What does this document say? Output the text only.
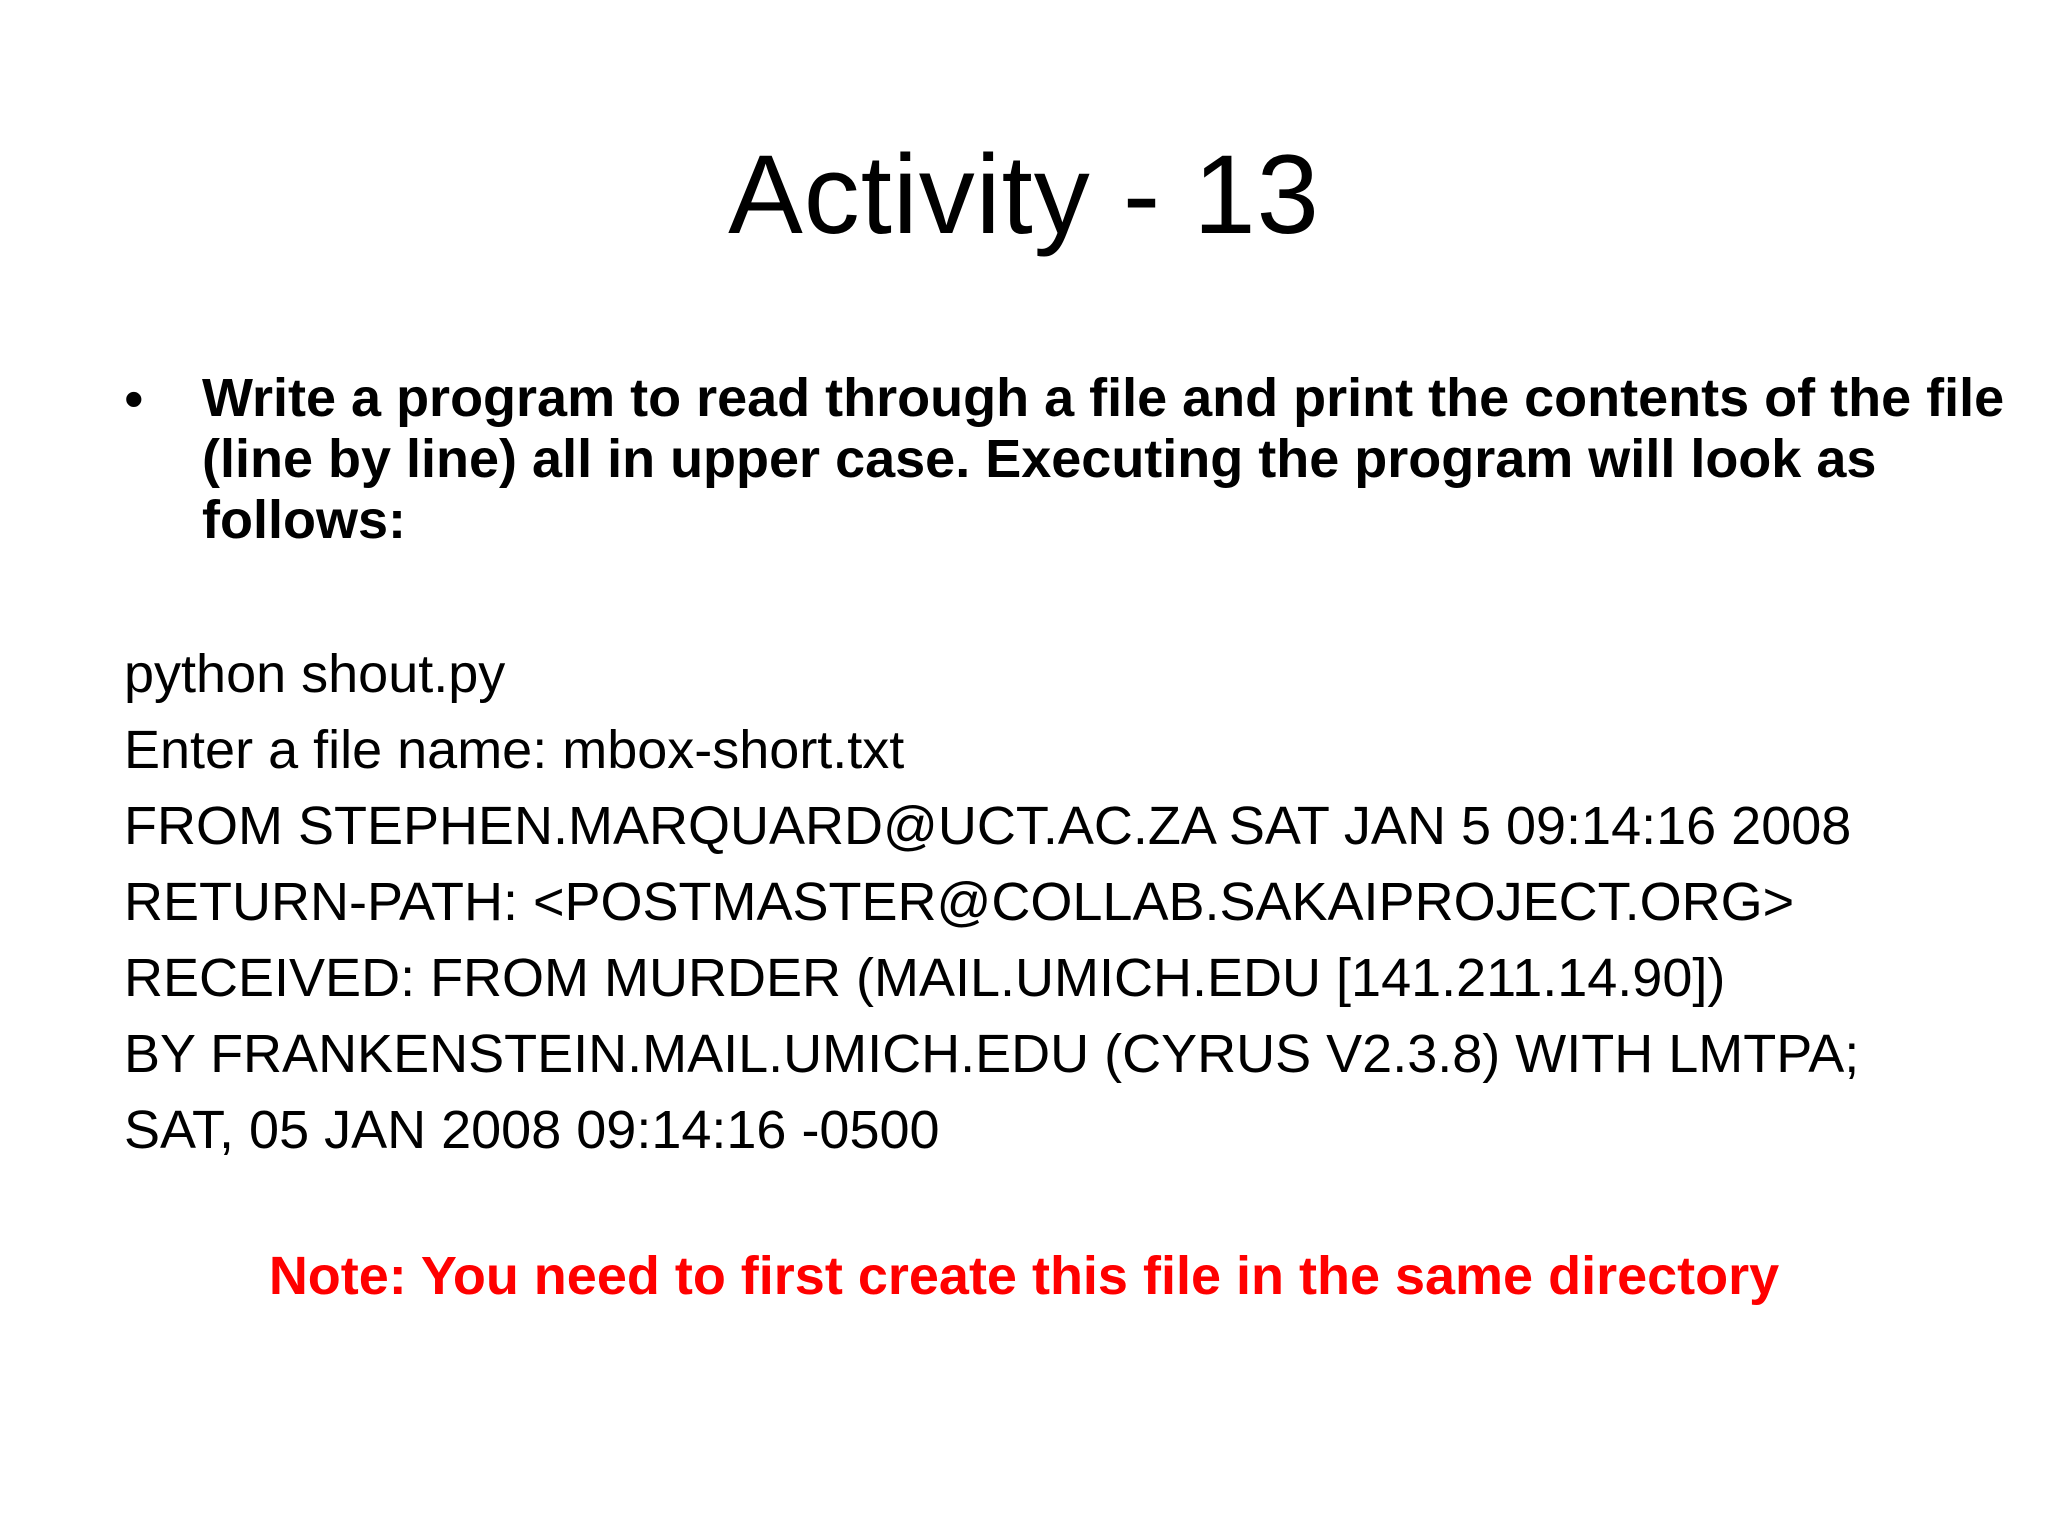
Activity - 13
• Write a program to read through a file and print the contents of the file (line by line) all in upper case. Executing the program will look as follows:
python shout.py
Enter a file name: mbox-short.txt
FROM STEPHEN.MARQUARD@UCT.AC.ZA SAT JAN 5 09:14:16 2008
RETURN-PATH: <POSTMASTER@COLLAB.SAKAIPROJECT.ORG>
RECEIVED: FROM MURDER (MAIL.UMICH.EDU [141.211.14.90])
BY FRANKENSTEIN.MAIL.UMICH.EDU (CYRUS V2.3.8) WITH LMTPA;
SAT, 05 JAN 2008 09:14:16 -0500
Note: You need to first create this file in the same directory
